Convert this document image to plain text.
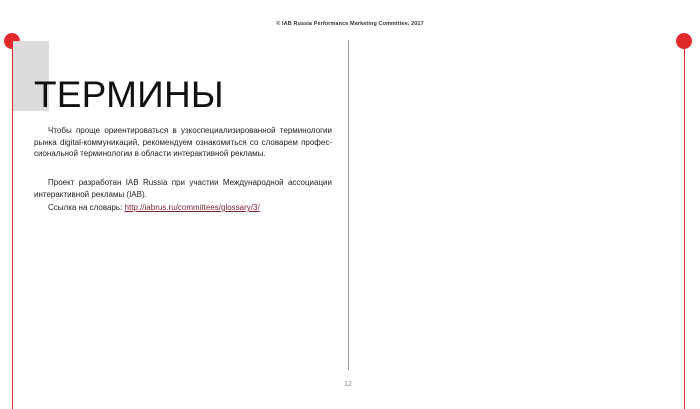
© IAB Russia Performance Marketing Committee, 2017
ТЕРМИНЫ

Чтобы проще ориентироваться в узкоспециализированной терминологии рынка digital-коммуникаций, рекомендуем ознакомиться со словарем профес-сиональной терминологии в области интерактивной рекламы.

Проект разработан IAB Russia при участии Международной ассоциации интерактивной рекламы (IAB).

Ссылка на словарь: http://iabrus.ru/committees/glossary/3/

12
